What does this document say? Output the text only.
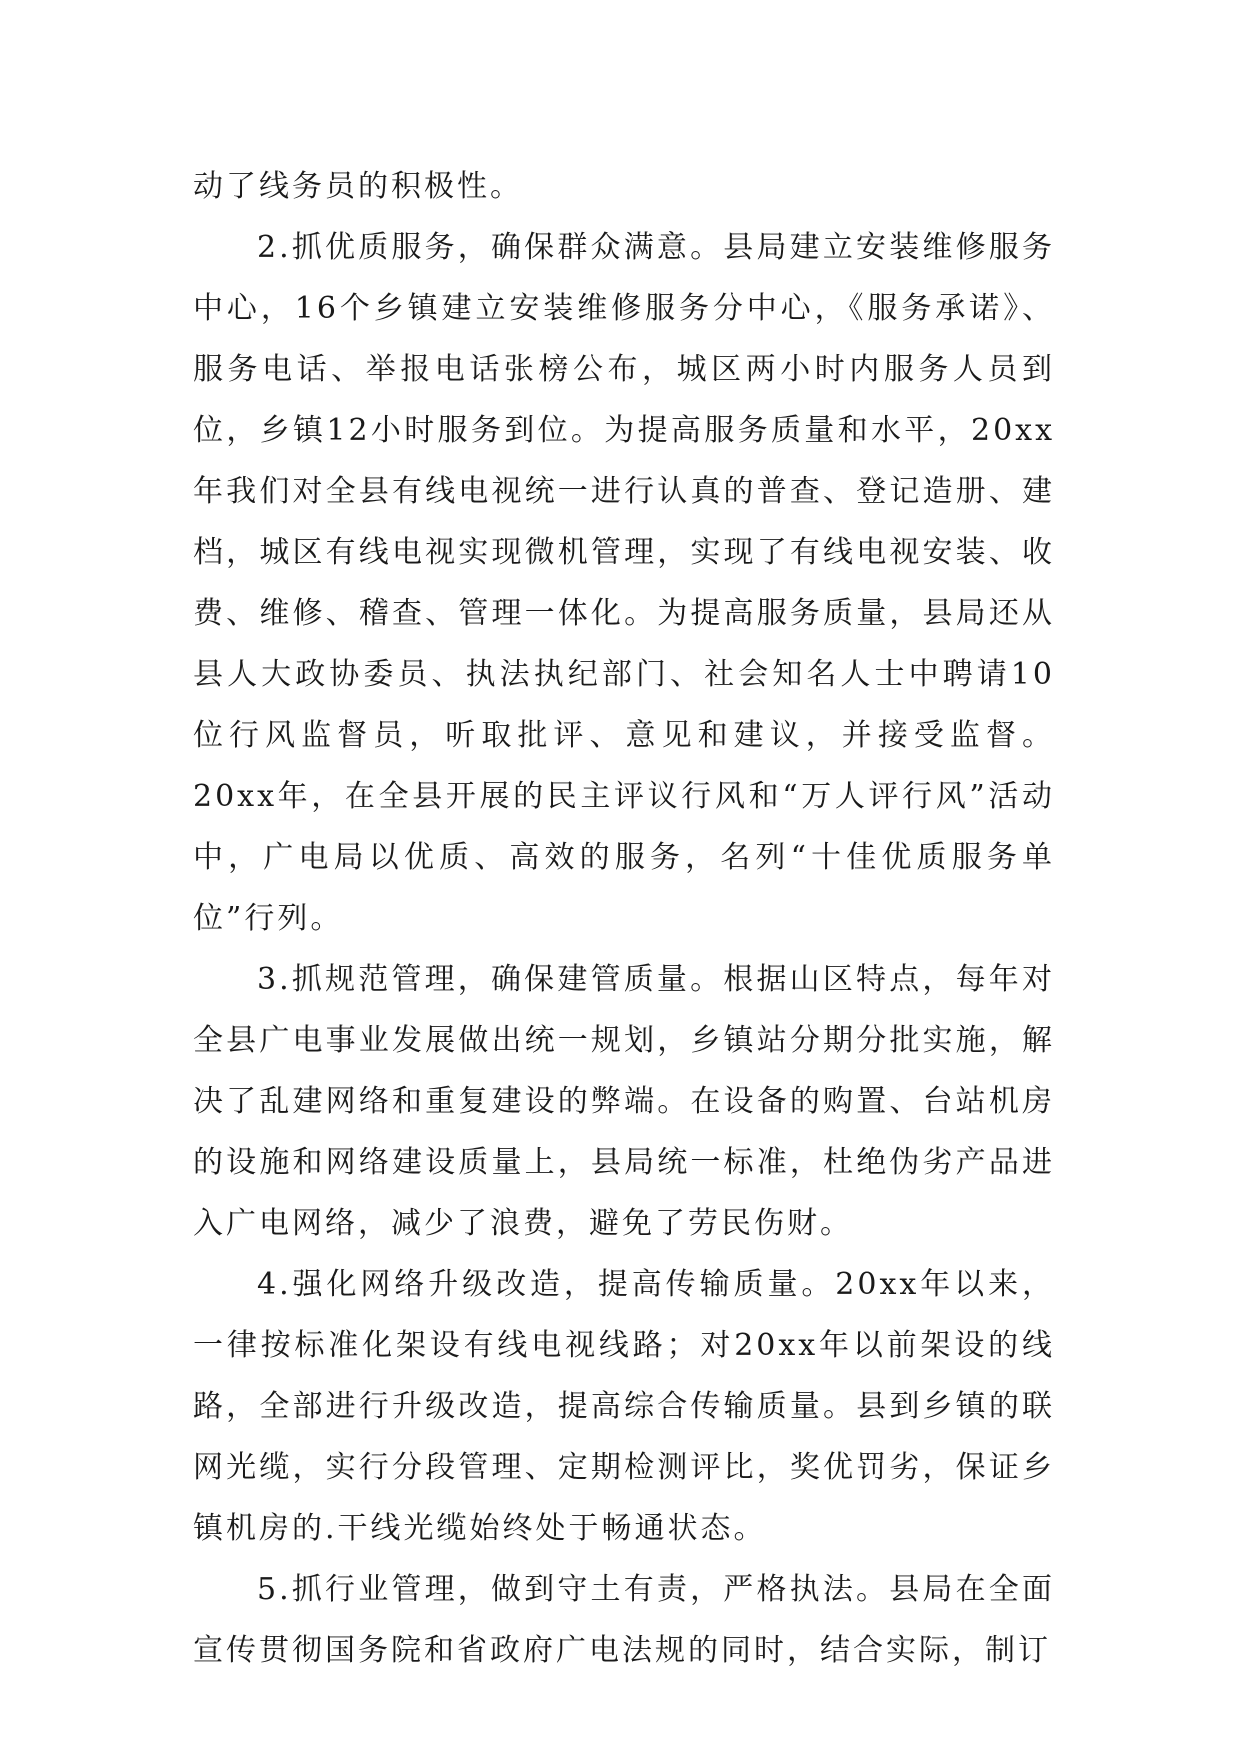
动了线务员的积极性。

2.抓优质服务，确保群众满意。县局建立安装维修服务中心，16个乡镇建立安装维修服务分中心，《服务承诺》、服务电话、举报电话张榜公布，城区两小时内服务人员到位，乡镇12小时服务到位。为提高服务质量和水平，20xx年我们对全县有线电视统一进行认真的普查、登记造册、建档，城区有线电视实现微机管理，实现了有线电视安装、收费、维修、稽查、管理一体化。为提高服务质量，县局还从县人大政协委员、执法执纪部门、社会知名人士中聘请10位行风监督员，听取批评、意见和建议，并接受监督。20xx年，在全县开展的民主评议行风和“万人评行风”活动中，广电局以优质、高效的服务，名列“十佳优质服务单位”行列。

3.抓规范管理，确保建管质量。根据山区特点，每年对全县广电事业发展做出统一规划，乡镇站分期分批实施，解决了乱建网络和重复建设的弊端。在设备的购置、台站机房的设施和网络建设质量上，县局统一标准，杜绝伪劣产品进入广电网络，减少了浪费，避免了劳民伤财。

4.强化网络升级改造，提高传输质量。20xx年以来，一律按标准化架设有线电视线路；对20xx年以前架设的线路，全部进行升级改造，提高综合传输质量。县到乡镇的联网光缆，实行分段管理、定期检测评比，奖优罚劣，保证乡镇机房的.干线光缆始终处于畅通状态。

5.抓行业管理，做到守土有责，严格执法。县局在全面宣传贯彻国务院和省政府广电法规的同时，结合实际，制订
